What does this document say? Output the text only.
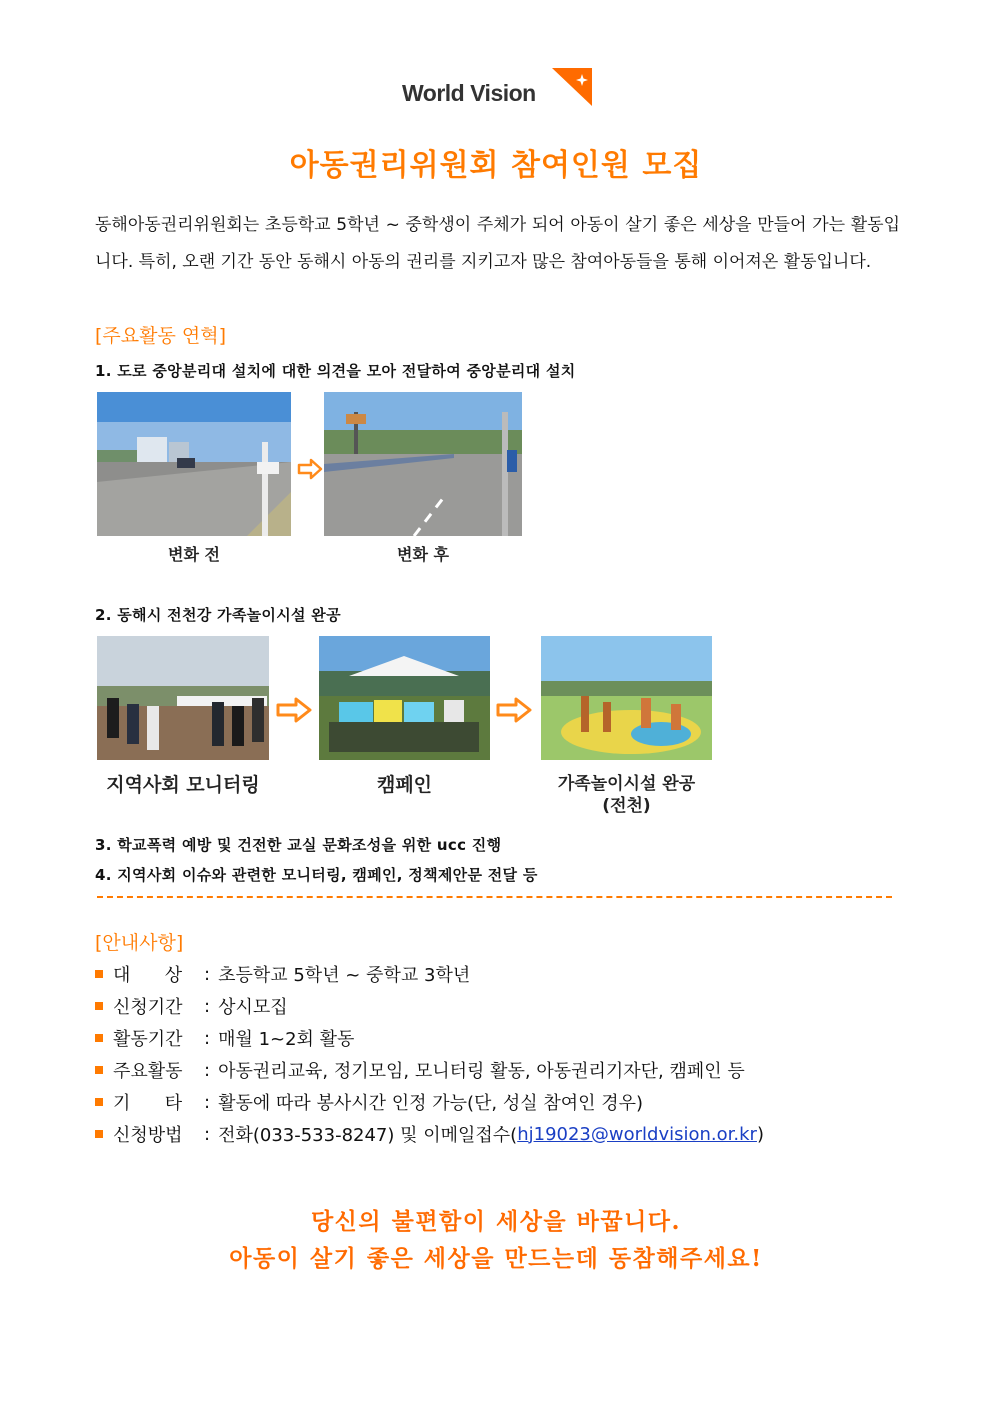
World Vision
아동권리위원회 참여인원 모집
동해아동권리위원회는 초등학교 5학년 ~ 중학생이 주체가 되어 아동이 살기 좋은 세상을 만들어 가는 활동입니다. 특히, 오랜 기간 동안 동해시 아동의 권리를 지키고자 많은 참여아동들을 통해 이어져온 활동입니다.
[주요활동 연혁]
1. 도로 중앙분리대 설치에 대한 의견을 모아 전달하여 중앙분리대 설치
변화 전	변화 후
2. 동해시 전천강 가족놀이시설 완공
지역사회 모니터링	캠페인	가족놀이시설 완공
(전천)
3. 학교폭력 예방 및 건전한 교실 문화조성을 위한 ucc 진행
4. 지역사회 이슈와 관련한 모니터링, 캠페인, 정책제안문 전달 등
[안내사항]
대      상	: 초등학교 5학년 ~ 중학교 3학년
신청기간	: 상시모집
활동기간	: 매월 1~2회 활동
주요활동	: 아동권리교육, 정기모임, 모니터링 활동, 아동권리기자단, 캠페인 등
기      타	: 활동에 따라 봉사시간 인정 가능(단, 성실 참여인 경우)
신청방법	: 전화(033-533-8247) 및 이메일접수( hj19023@worldvision.or.kr )
당신의 불편함이 세상을 바꿉니다.
아동이 살기 좋은 세상을 만드는데 동참해주세요!
